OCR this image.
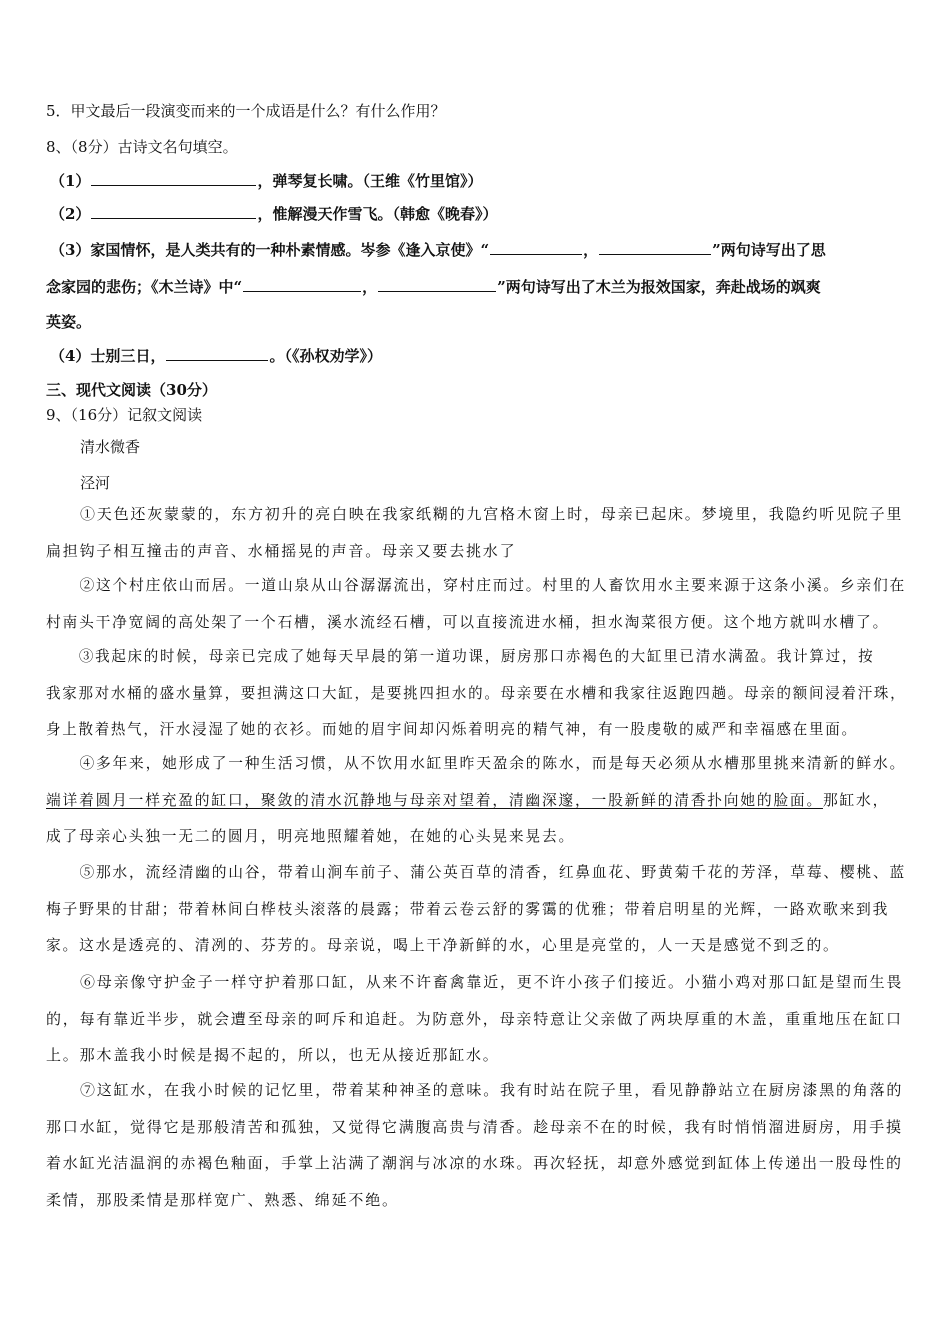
5．甲文最后一段演变而来的一个成语是什么？有什么作用？
8、（8分）古诗文名句填空。
（1）	，弹琴复长啸。（王维《竹里馆》）
（2）	，惟解漫天作雪飞。（韩愈《晚春》）
（3）家国情怀，是人类共有的一种朴素情感。岑参《逢入京使》“	，	”两句诗写出了思
念家园的悲伤；《木兰诗》中“	，	”两句诗写出了木兰为报效国家，奔赴战场的飒爽
英姿。
（4）士别三日，	。（《孙权劝学》）
三、现代文阅读（30分）
9、（16分）记叙文阅读
清水微香
泾河
①天色还灰蒙蒙的，东方初升的亮白映在我家纸糊的九宫格木窗上时，母亲已起床。梦境里，我隐约听见院子里
扁担钩子相互撞击的声音、水桶摇晃的声音。母亲又要去挑水了
②这个村庄依山而居。一道山泉从山谷潺潺流出，穿村庄而过。村里的人畜饮用水主要来源于这条小溪。乡亲们在
村南头干净宽阔的高处架了一个石槽，溪水流经石槽，可以直接流进水桶，担水淘菜很方便。这个地方就叫水槽了。
③我起床的时候，母亲已完成了她每天早晨的第一道功课，厨房那口赤褐色的大缸里已清水满盈。我计算过，按
我家那对水桶的盛水量算，要担满这口大缸，是要挑四担水的。母亲要在水槽和我家往返跑四趟。母亲的额间浸着汗珠，
身上散着热气，汗水浸湿了她的衣衫。而她的眉宇间却闪烁着明亮的精气神，有一股虔敬的威严和幸福感在里面。
④多年来，她形成了一种生活习惯，从不饮用水缸里昨天盈余的陈水，而是每天必须从水槽那里挑来清新的鲜水。
端详着圆月一样充盈的缸口，聚敛的清水沉静地与母亲对望着，清幽深邃，一股新鲜的清香扑向她的脸面。那缸水，
成了母亲心头独一无二的圆月，明亮地照耀着她，在她的心头晃来晃去。
⑤那水，流经清幽的山谷，带着山涧车前子、蒲公英百草的清香，红鼻血花、野黄菊千花的芳泽，草莓、樱桃、蓝
梅子野果的甘甜；带着林间白桦枝头滚落的晨露；带着云卷云舒的雾霭的优雅；带着启明星的光辉，一路欢歌来到我
家。这水是透亮的、清冽的、芬芳的。母亲说，喝上干净新鲜的水，心里是亮堂的，人一天是感觉不到乏的。
⑥母亲像守护金子一样守护着那口缸，从来不许畜禽靠近，更不许小孩子们接近。小猫小鸡对那口缸是望而生畏
的，每有靠近半步，就会遭至母亲的呵斥和追赶。为防意外，母亲特意让父亲做了两块厚重的木盖，重重地压在缸口
上。那木盖我小时候是揭不起的，所以，也无从接近那缸水。
⑦这缸水，在我小时候的记忆里，带着某种神圣的意味。我有时站在院子里，看见静静站立在厨房漆黑的角落的
那口水缸，觉得它是那般清苦和孤独，又觉得它满腹高贵与清香。趁母亲不在的时候，我有时悄悄溜进厨房，用手摸
着水缸光洁温润的赤褐色釉面，手掌上沾满了潮润与冰凉的水珠。再次轻抚，却意外感觉到缸体上传递出一股母性的
柔情，那股柔情是那样宽广、熟悉、绵延不绝。
